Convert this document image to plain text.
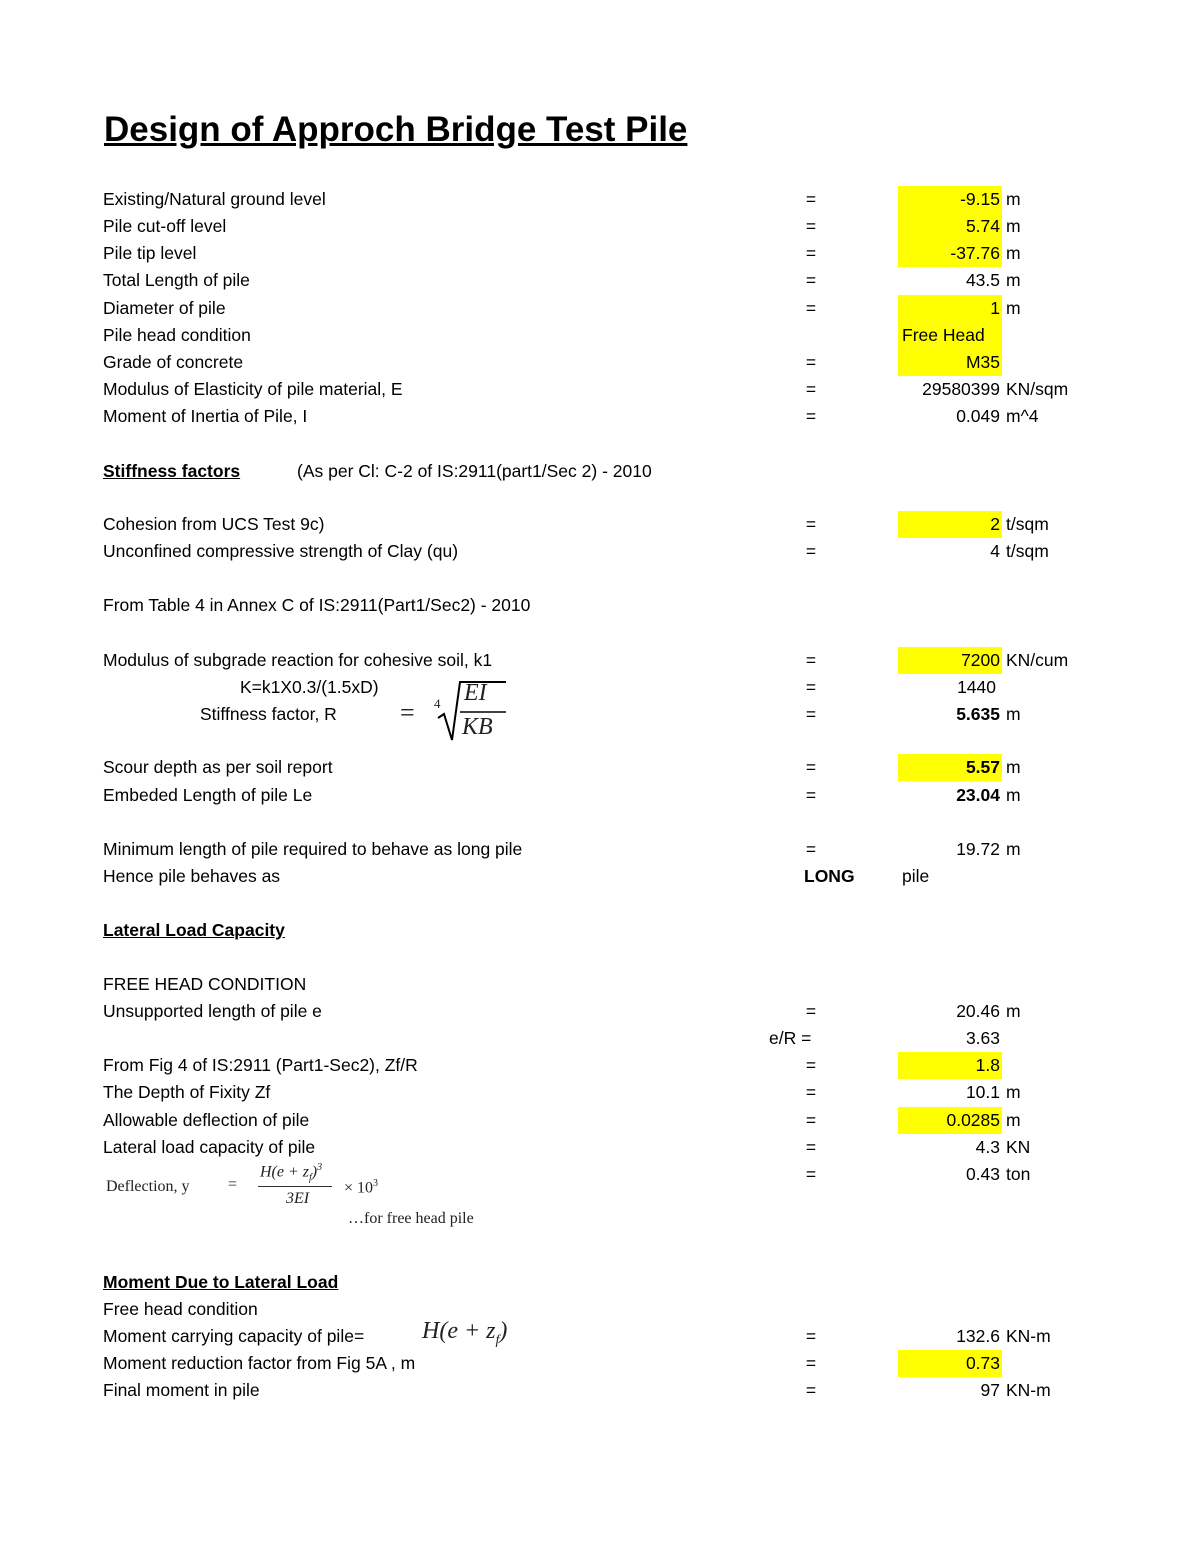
Design of Approch Bridge Test Pile
Existing/Natural ground level	=	-9.15 m
Pile cut-off level	=	5.74 m
Pile tip level	=	-37.76 m
Total Length of pile	=	43.5 m
Diameter of pile	=	1 m
Pile head condition	Free Head
Grade of concrete	=	M35
Modulus of Elasticity of pile material, E	=	29580399 KN/sqm
Moment of Inertia of Pile, I	=	0.049 m^4
Stiffness factors	(As per Cl: C-2 of IS:2911(part1/Sec 2) - 2010
Cohesion from UCS Test 9c)	=	2 t/sqm
Unconfined compressive strength of Clay (qu)	=	4 t/sqm
From Table 4 in Annex C of IS:2911(Part1/Sec2) - 2010
Modulus of subgrade reaction for cohesive soil, k1	=	7200 KN/cum
K=k1X0.3/(1.5xD)	=	1440
Stiffness factor, R = 4 EI
KB	=	5.635 m
Scour depth as per soil report	=	5.57 m
Embeded Length of pile Le	=	23.04 m
Minimum length of pile required to behave as long pile	=	19.72 m
Hence pile behaves as	LONG	pile
Lateral Load Capacity
FREE HEAD CONDITION
Unsupported length of pile e	=	20.46 m
e/R =	3.63
From Fig 4 of IS:2911 (Part1-Sec2), Zf/R	=	1.8
The Depth of Fixity Zf	=	10.1 m
Allowable deflection of pile	=	0.0285 m
Lateral load capacity of pile	=	4.3 KN
=	0.43 ton
Deflection, y =
$H(e + z_f)^3$
3EI
× $10^3$
…for free head pile
Moment Due to Lateral Load
Free head condition
Moment carrying capacity of pile= $H(e + z_f)$	=	132.6 KN-m
Moment reduction factor from Fig 5A , m	=	0.73
Final moment in pile	=	97 KN-m
